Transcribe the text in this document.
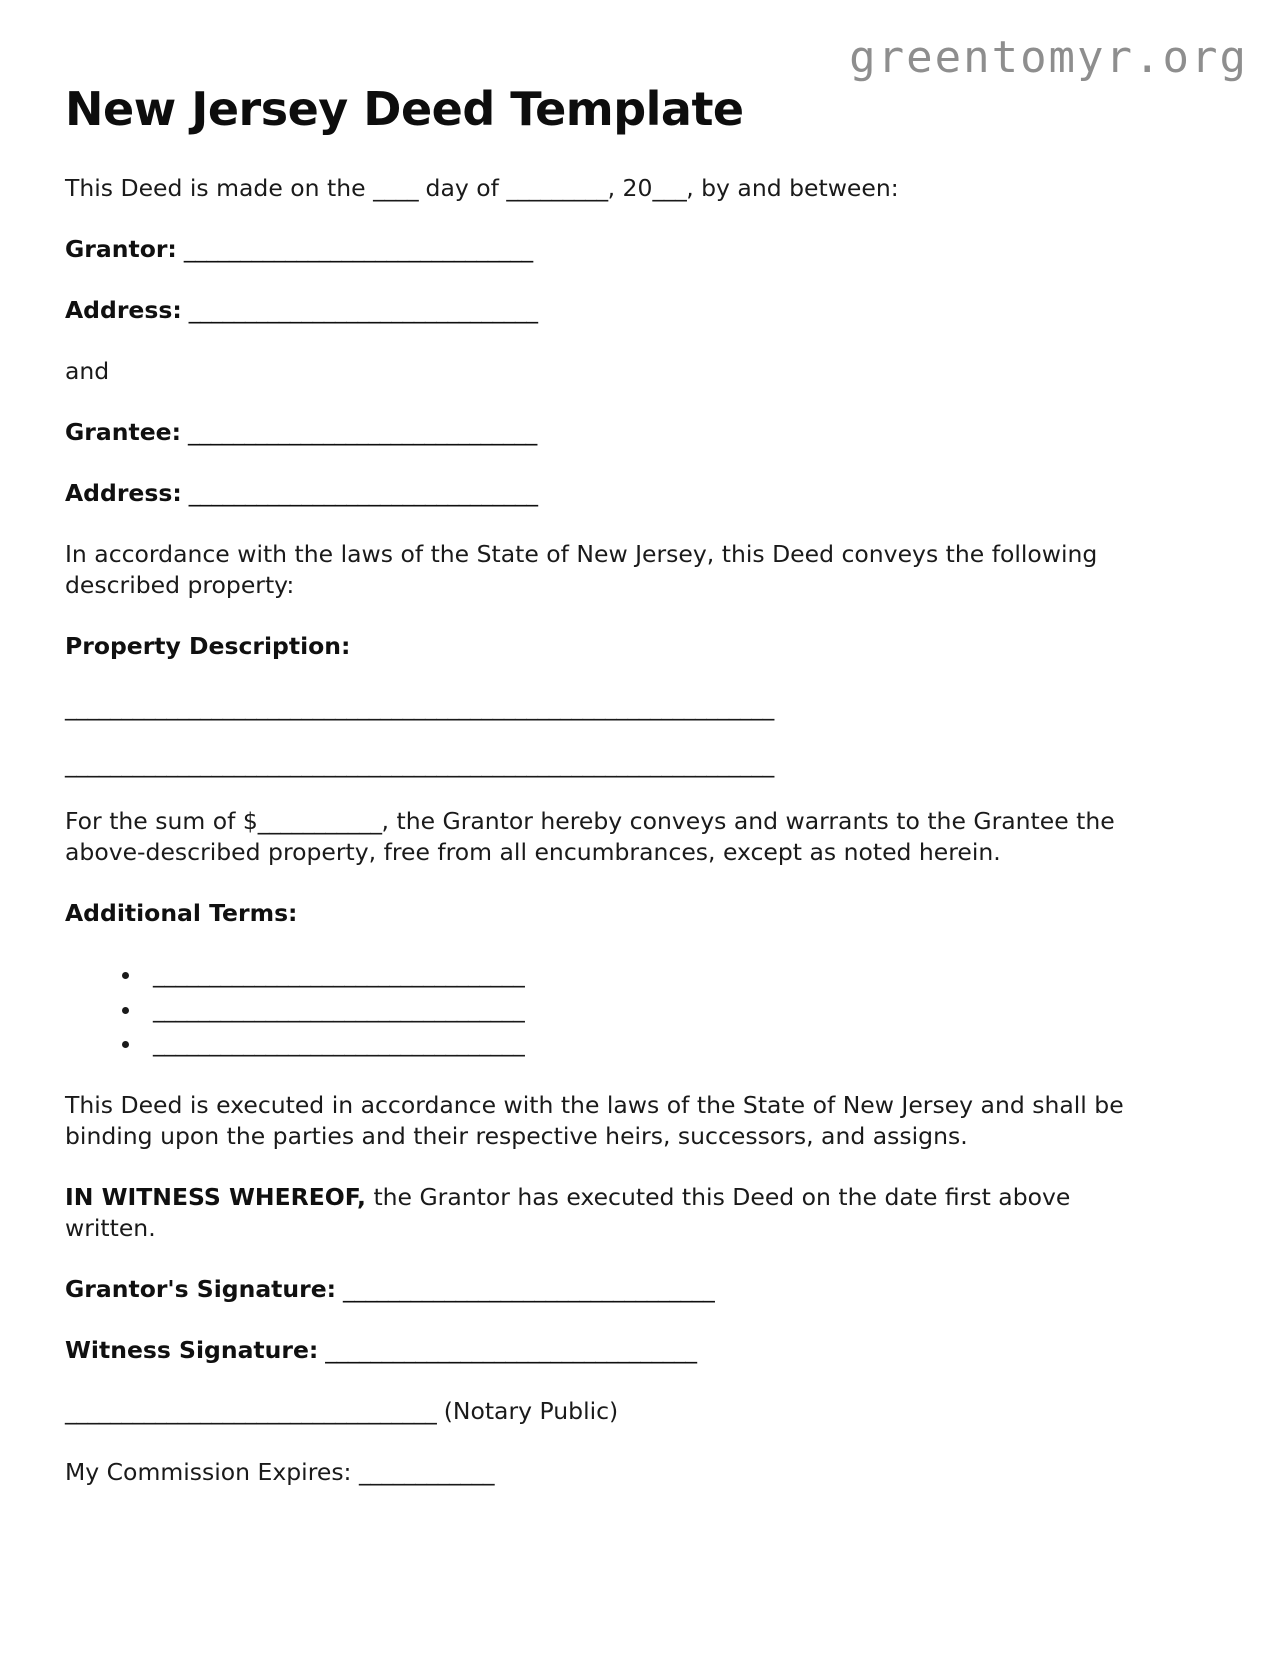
greentomyr.org
New Jersey Deed Template

This Deed is made on the ____ day of _________, 20___, by and between:

Grantor: _______________________________

Address: _______________________________

and

Grantee: _______________________________

Address: _______________________________

In accordance with the laws of the State of New Jersey, this Deed conveys the following described property:

Property Description:

_______________________________________________________________

_______________________________________________________________

For the sum of $___________, the Grantor hereby conveys and warrants to the Grantee the above-described property, free from all encumbrances, except as noted herein.

Additional Terms:

• _________________________________
• _________________________________
• _________________________________

This Deed is executed in accordance with the laws of the State of New Jersey and shall be binding upon the parties and their respective heirs, successors, and assigns.

IN WITNESS WHEREOF, the Grantor has executed this Deed on the date first above written.

Grantor's Signature: _________________________________

Witness Signature: _________________________________

_________________________________ (Notary Public)

My Commission Expires: ____________
